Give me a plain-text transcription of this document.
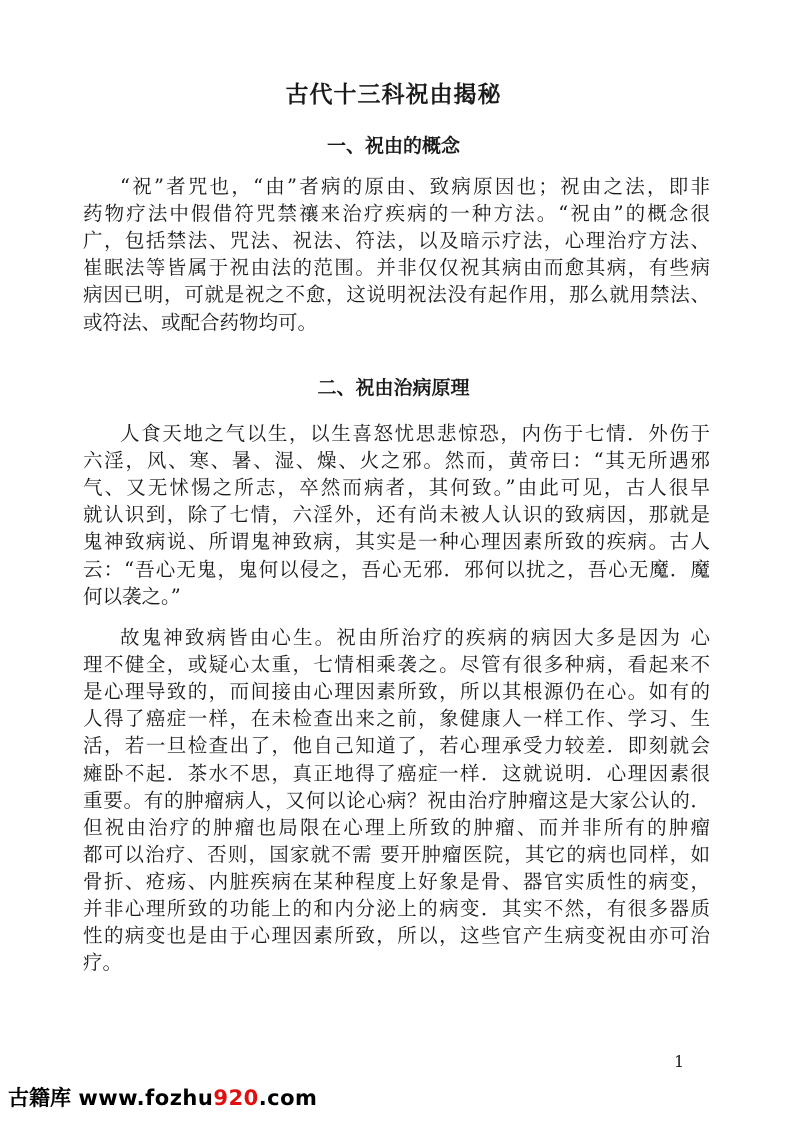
古代十三科祝由揭秘
一、祝由的概念
“祝”者咒也，“由”者病的原由、致病原因也；祝由之法，即非
药物疗法中假借符咒禁禳来治疗疾病的一种方法。“祝由”的概念很
广，包括禁法、咒法、祝法、符法，以及暗示疗法，心理治疗方法、
崔眠法等皆属于祝由法的范围。并非仅仅祝其病由而愈其病，有些病
病因已明，可就是祝之不愈，这说明祝法没有起作用，那么就用禁法、
或符法、或配合药物均可。
二、祝由治病原理
人食天地之气以生，以生喜怒忧思悲惊恐，内伤于七情．外伤于
六淫，风、寒、暑、湿、燥、火之邪。然而，黄帝曰：“其无所遇邪
气、又无怵惕之所志，卒然而病者，其何致。”由此可见，古人很早
就认识到，除了七情，六淫外，还有尚未被人认识的致病因，那就是
鬼神致病说、所谓鬼神致病，其实是一种心理因素所致的疾病。古人
云：“吾心无鬼，鬼何以侵之，吾心无邪．邪何以扰之，吾心无魔．魔
何以袭之。”
故鬼神致病皆由心生。祝由所治疗的疾病的病因大多是因为 心
理不健全，或疑心太重，七情相乘袭之。尽管有很多种病，看起来不
是心理导致的，而间接由心理因素所致，所以其根源仍在心。如有的
人得了癌症一样，在未检查出来之前，象健康人一样工作、学习、生
活，若一旦检查出了，他自己知道了，若心理承受力较差．即刻就会
瘫卧不起．茶水不思，真正地得了癌症一样．这就说明．心理因素很
重要。有的肿瘤病人，又何以论心病？祝由治疗肿瘤这是大家公认的．
但祝由治疗的肿瘤也局限在心理上所致的肿瘤、而并非所有的肿瘤
都可以治疗、否则，国家就不需 要开肿瘤医院，其它的病也同样，如
骨折、疮疡、内脏疾病在某种程度上好象是骨、器官实质性的病变，
并非心理所致的功能上的和内分泌上的病变．其实不然，有很多器质
性的病变也是由于心理因素所致，所以，这些官产生病变祝由亦可治
疗。
1
古籍库 www.fozhu920.com
